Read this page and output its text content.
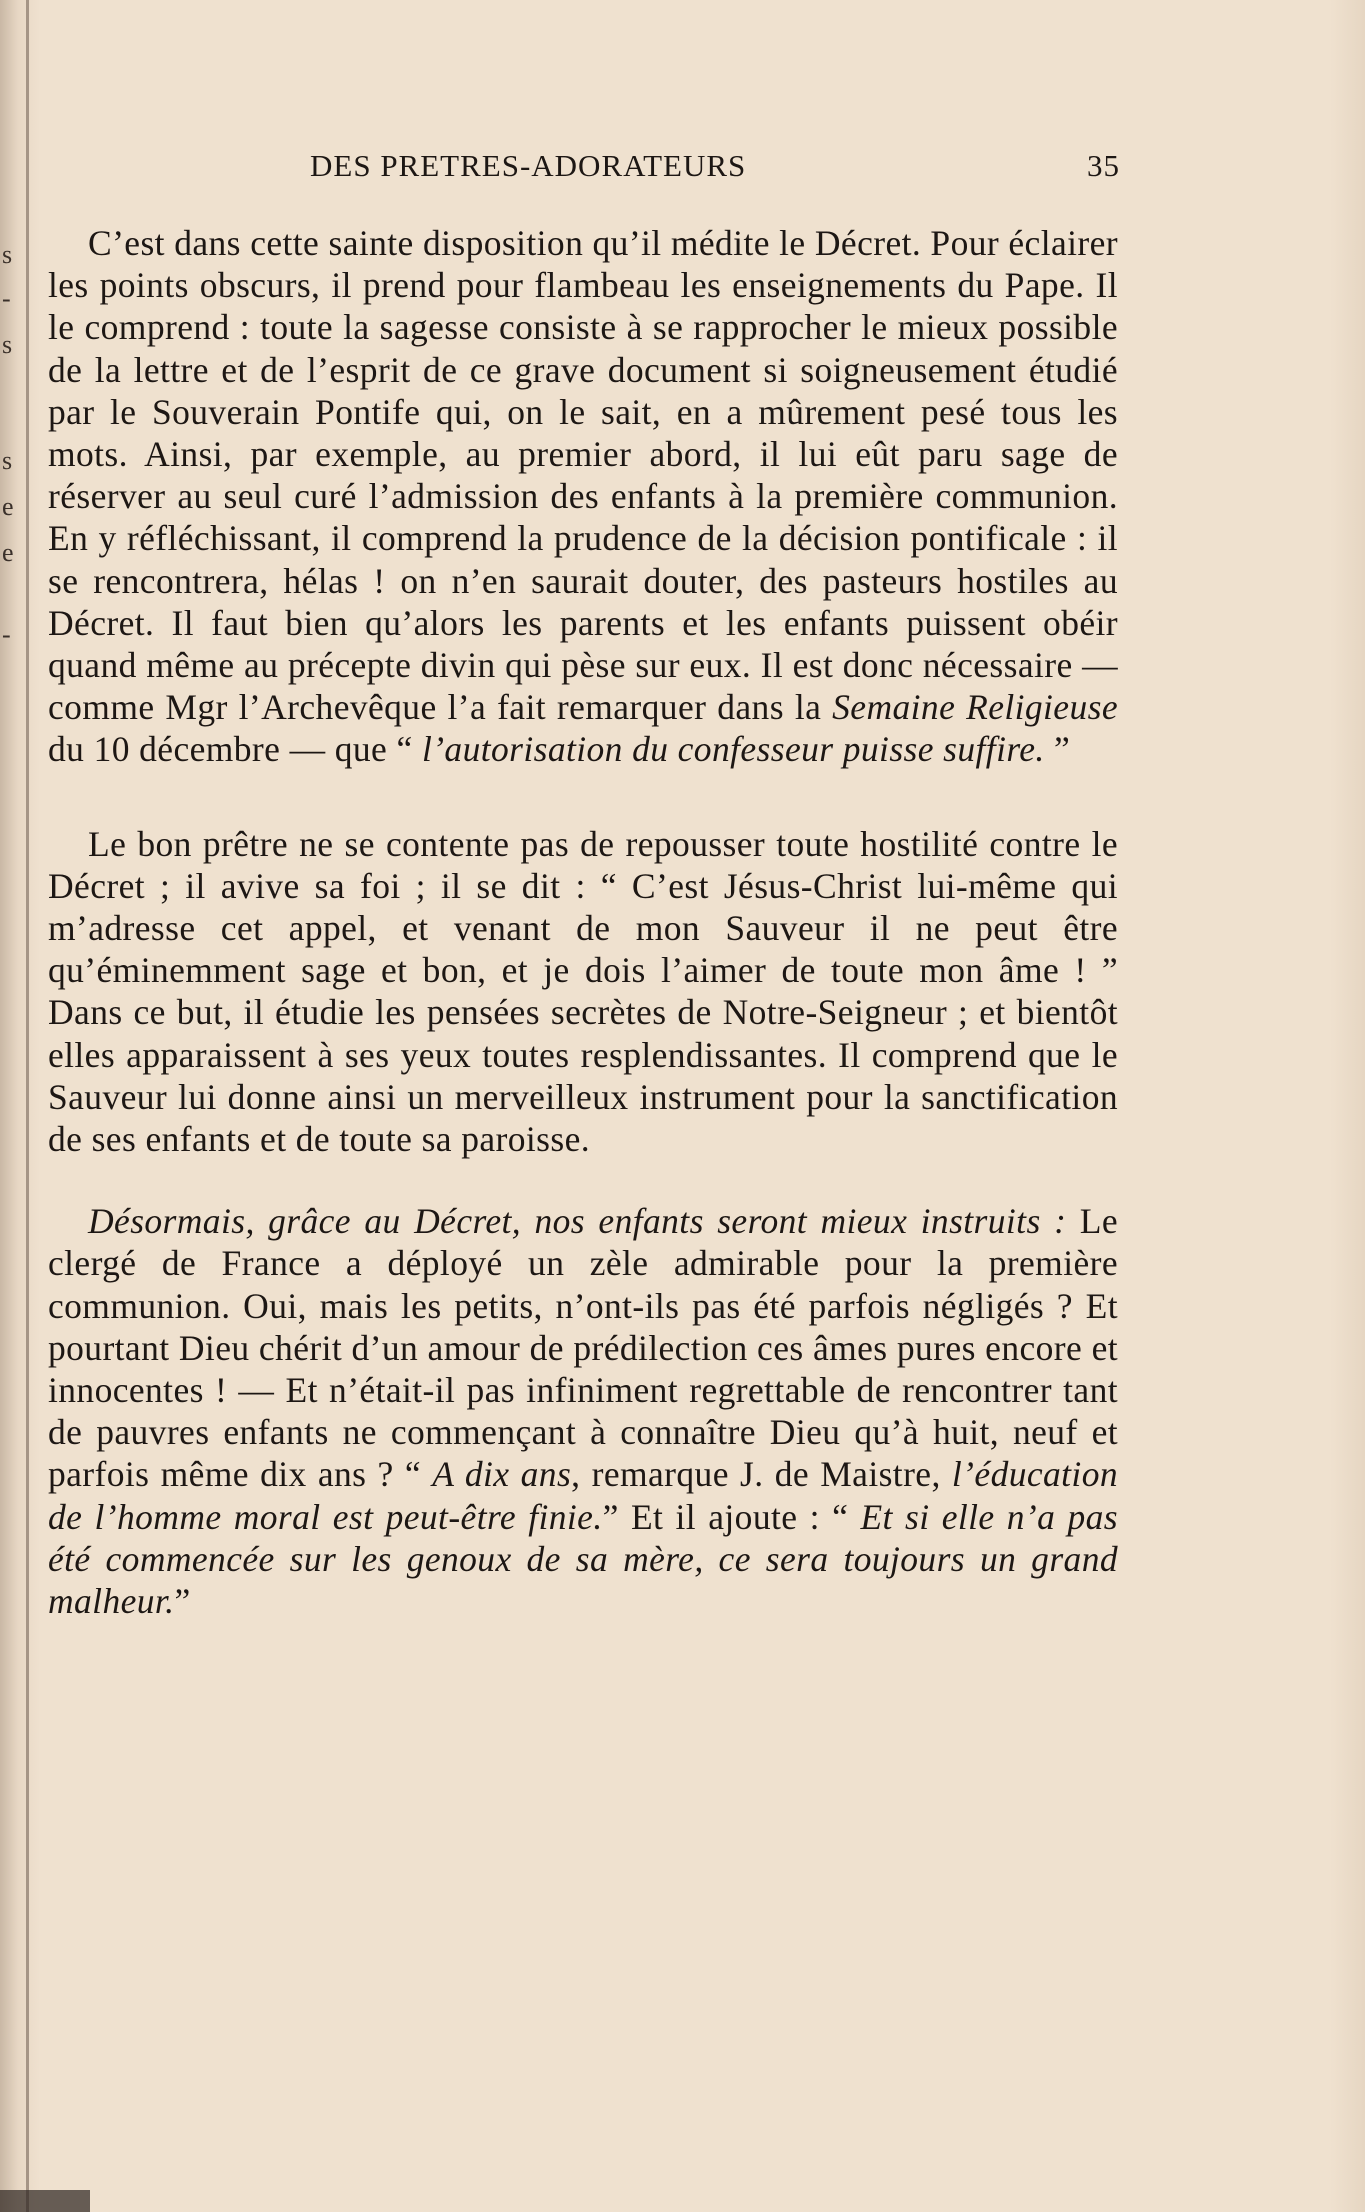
s
-
s
s
e
e
-
DES PRETRES-ADORATEURS	35

C’est dans cette sainte disposition qu’il médite le Décret. Pour éclairer les points obscurs, il prend pour flambeau les enseignements du Pape. Il le comprend : toute la sagesse consiste à se rapprocher le mieux possible de la lettre et de l’esprit de ce grave document si soigneusement étudié par le Souverain Pontife qui, on le sait, en a mûrement pesé tous les mots. Ainsi, par exemple, au premier abord, il lui eût paru sage de réserver au seul curé l’admission des enfants à la première communion. En y réfléchissant, il comprend la prudence de la décision pontificale : il se rencontrera, hélas ! on n’en saurait douter, des pasteurs hostiles au Décret. Il faut bien qu’alors les parents et les enfants puissent obéir quand même au précepte divin qui pèse sur eux. Il est donc nécessaire — comme Mgr l’Archevêque l’a fait remarquer dans la Semaine Religieuse du 10 décembre — que “ l’autorisation du confesseur puisse suffire. ”

Le bon prêtre ne se contente pas de repousser toute hostilité contre le Décret ; il avive sa foi ; il se dit : “ C’est Jésus-Christ lui-même qui m’adresse cet appel, et venant de mon Sauveur il ne peut être qu’éminemment sage et bon, et je dois l’aimer de toute mon âme ! ” Dans ce but, il étudie les pensées secrètes de Notre-Seigneur ; et bientôt elles apparaissent à ses yeux toutes resplendissantes. Il comprend que le Sauveur lui donne ainsi un merveilleux instrument pour la sanctification de ses enfants et de toute sa paroisse.

Désormais, grâce au Décret, nos enfants seront mieux instruits : Le clergé de France a déployé un zèle admirable pour la première communion. Oui, mais les petits, n’ont-ils pas été parfois négligés ? Et pourtant Dieu chérit d’un amour de prédilection ces âmes pures encore et innocentes ! — Et n’était-il pas infiniment regrettable de rencontrer tant de pauvres enfants ne commençant à connaître Dieu qu’à huit, neuf et parfois même dix ans ? “ A dix ans, remarque J. de Maistre, l’éducation de l’homme moral est peut-être finie.” Et il ajoute : “ Et si elle n’a pas été commencée sur les genoux de sa mère, ce sera toujours un grand malheur.”
